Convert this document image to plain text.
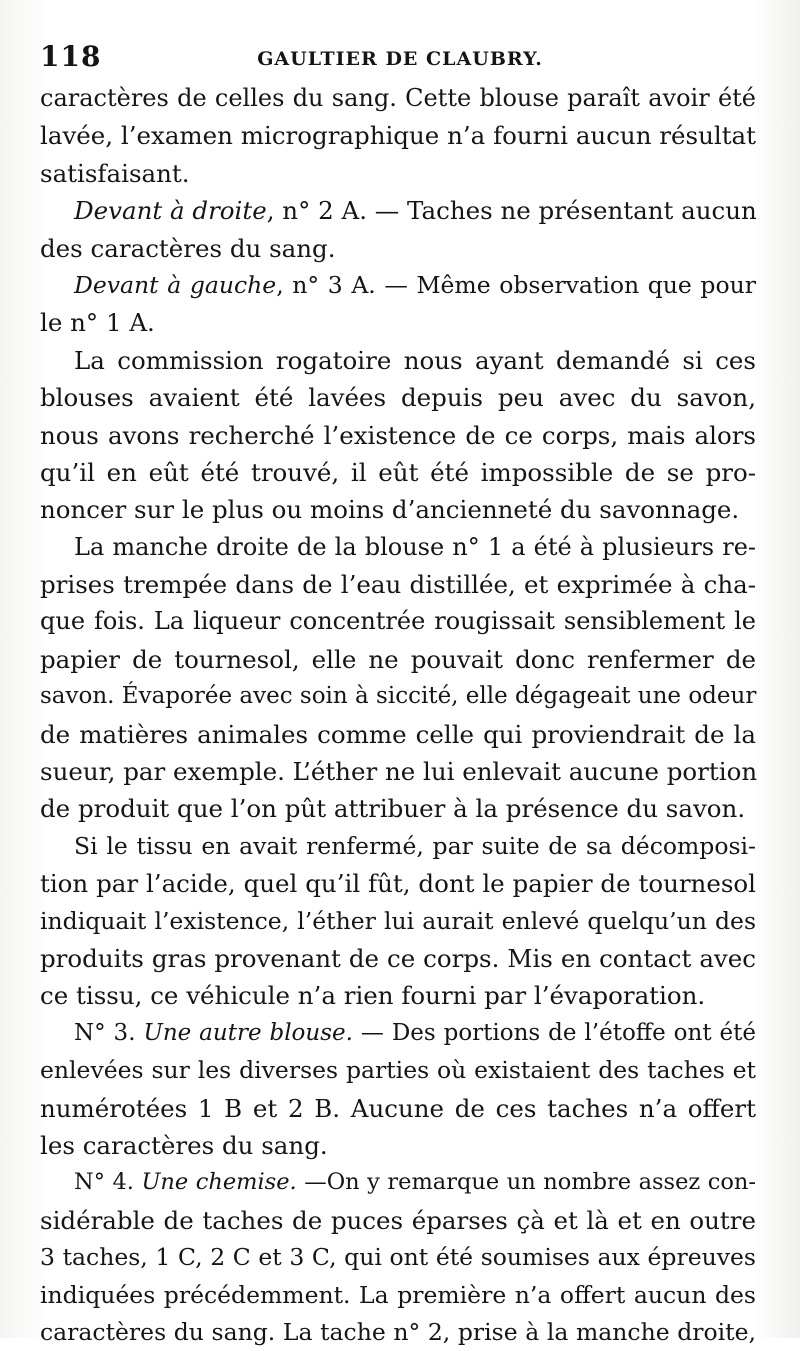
118	GAULTIER DE CLAUBRY.
caractères de celles du sang. Cette blouse paraît avoir été
lavée, l’examen micrographique n’a fourni aucun résultat
satisfaisant.
Devant à droite, n° 2 A. — Taches ne présentant aucun
des caractères du sang.
Devant à gauche, n° 3 A. — Même observation que pour
le n° 1 A.
La commission rogatoire nous ayant demandé si ces
blouses avaient été lavées depuis peu avec du savon,
nous avons recherché l’existence de ce corps, mais alors
qu’il en eût été trouvé, il eût été impossible de se pro-
noncer sur le plus ou moins d’ancienneté du savonnage.
La manche droite de la blouse n° 1 a été à plusieurs re-
prises trempée dans de l’eau distillée, et exprimée à cha-
que fois. La liqueur concentrée rougissait sensiblement le
papier de tournesol, elle ne pouvait donc renfermer de
savon. Évaporée avec soin à siccité, elle dégageait une odeur
de matières animales comme celle qui proviendrait de la
sueur, par exemple. L’éther ne lui enlevait aucune portion
de produit que l’on pût attribuer à la présence du savon.
Si le tissu en avait renfermé, par suite de sa décomposi-
tion par l’acide, quel qu’il fût, dont le papier de tournesol
indiquait l’existence, l’éther lui aurait enlevé quelqu’un des
produits gras provenant de ce corps. Mis en contact avec
ce tissu, ce véhicule n’a rien fourni par l’évaporation.
N° 3. Une autre blouse. — Des portions de l’étoffe ont été
enlevées sur les diverses parties où existaient des taches et
numérotées 1 B et 2 B. Aucune de ces taches n’a offert
les caractères du sang.
N° 4. Une chemise. —On y remarque un nombre assez con-
sidérable de taches de puces éparses çà et là et en outre
3 taches, 1 C, 2 C et 3 C, qui ont été soumises aux épreuves
indiquées précédemment. La première n’a offert aucun des
caractères du sang. La tache n° 2, prise à la manche droite,
